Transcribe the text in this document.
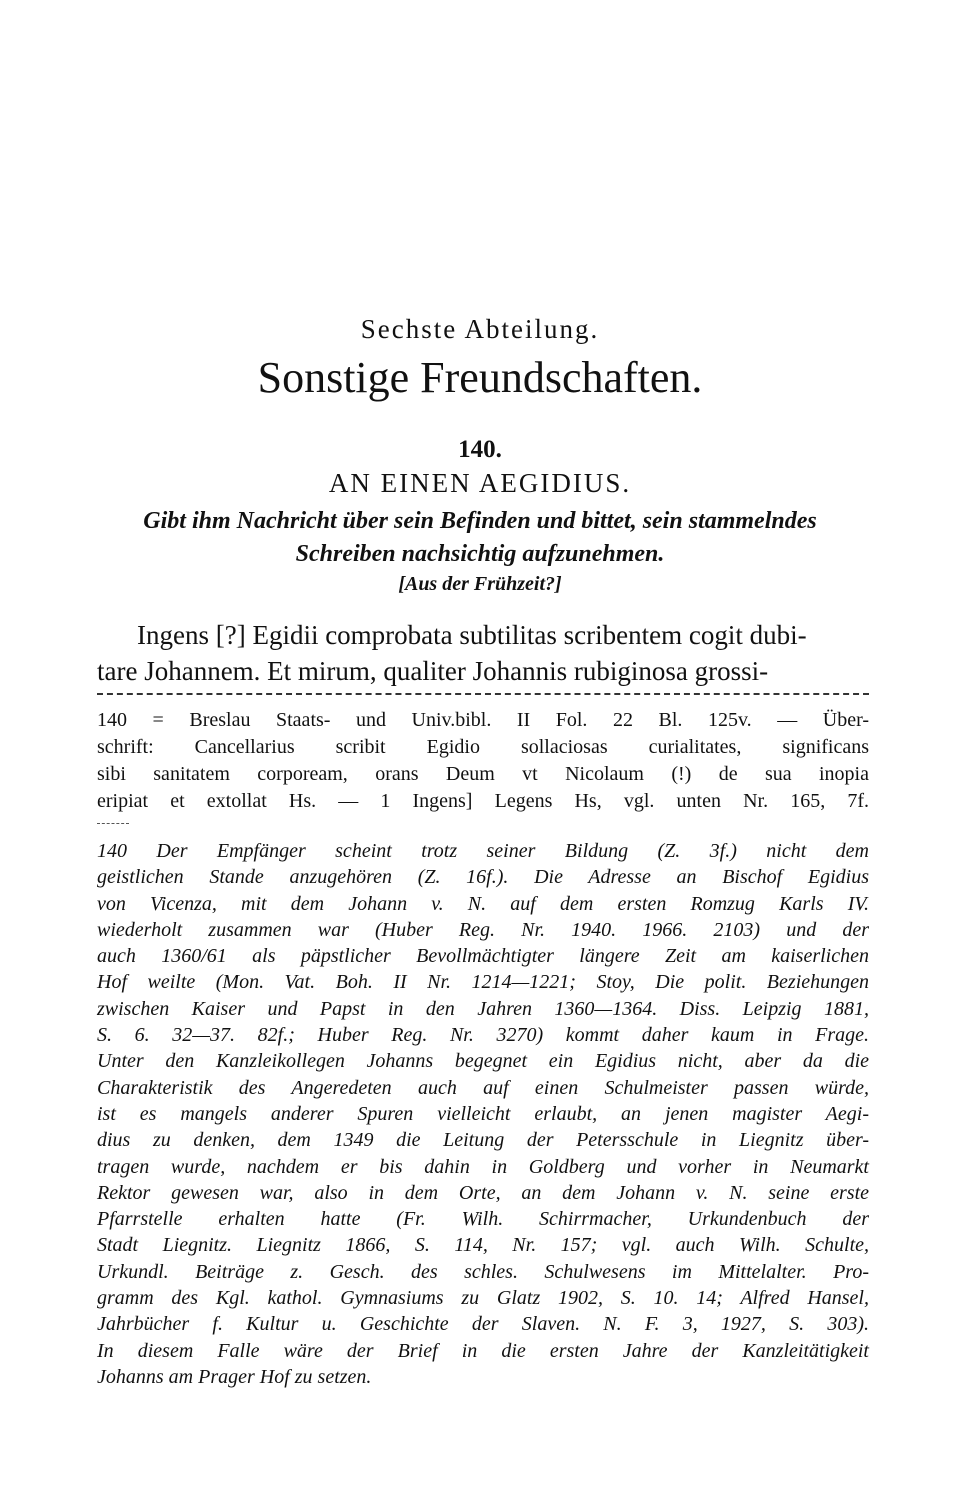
Sechste Abteilung.
Sonstige Freundschaften.
140.
AN EINEN AEGIDIUS.
Gibt ihm Nachricht über sein Befinden und bittet, sein stammelndes
Schreiben nachsichtig aufzunehmen.
[Aus der Frühzeit?]
Ingens [?] Egidii comprobata subtilitas scribentem cogit dubi-
tare Johannem. Et mirum, qualiter Johannis rubiginosa grossi-
140 = Breslau Staats- und Univ.bibl. II Fol. 22 Bl. 125v. — Über-
schrift: Cancellarius scribit Egidio sollaciosas curialitates, significans
sibi sanitatem corpoream, orans Deum vt Nicolaum (!) de sua inopia
eripiat et extollat Hs. — 1 Ingens] Legens Hs, vgl. unten Nr. 165, 7f.
140 Der Empfänger scheint trotz seiner Bildung (Z. 3f.) nicht dem
geistlichen Stande anzugehören (Z. 16f.). Die Adresse an Bischof Egidius
von Vicenza, mit dem Johann v. N. auf dem ersten Romzug Karls IV.
wiederholt zusammen war (Huber Reg. Nr. 1940. 1966. 2103) und der
auch 1360/61 als päpstlicher Bevollmächtigter längere Zeit am kaiserlichen
Hof weilte (Mon. Vat. Boh. II Nr. 1214—1221; Stoy, Die polit. Beziehungen
zwischen Kaiser und Papst in den Jahren 1360—1364. Diss. Leipzig 1881,
S. 6. 32—37. 82f.; Huber Reg. Nr. 3270) kommt daher kaum in Frage.
Unter den Kanzleikollegen Johanns begegnet ein Egidius nicht, aber da die
Charakteristik des Angeredeten auch auf einen Schulmeister passen würde,
ist es mangels anderer Spuren vielleicht erlaubt, an jenen magister Aegi-
dius zu denken, dem 1349 die Leitung der Petersschule in Liegnitz über-
tragen wurde, nachdem er bis dahin in Goldberg und vorher in Neumarkt
Rektor gewesen war, also in dem Orte, an dem Johann v. N. seine erste
Pfarrstelle erhalten hatte (Fr. Wilh. Schirrmacher, Urkundenbuch der
Stadt Liegnitz. Liegnitz 1866, S. 114, Nr. 157; vgl. auch Wilh. Schulte,
Urkundl. Beiträge z. Gesch. des schles. Schulwesens im Mittelalter. Pro-
gramm des Kgl. kathol. Gymnasiums zu Glatz 1902, S. 10. 14; Alfred Hansel,
Jahrbücher f. Kultur u. Geschichte der Slaven. N. F. 3, 1927, S. 303).
In diesem Falle wäre der Brief in die ersten Jahre der Kanzleitätigkeit
Johanns am Prager Hof zu setzen.
